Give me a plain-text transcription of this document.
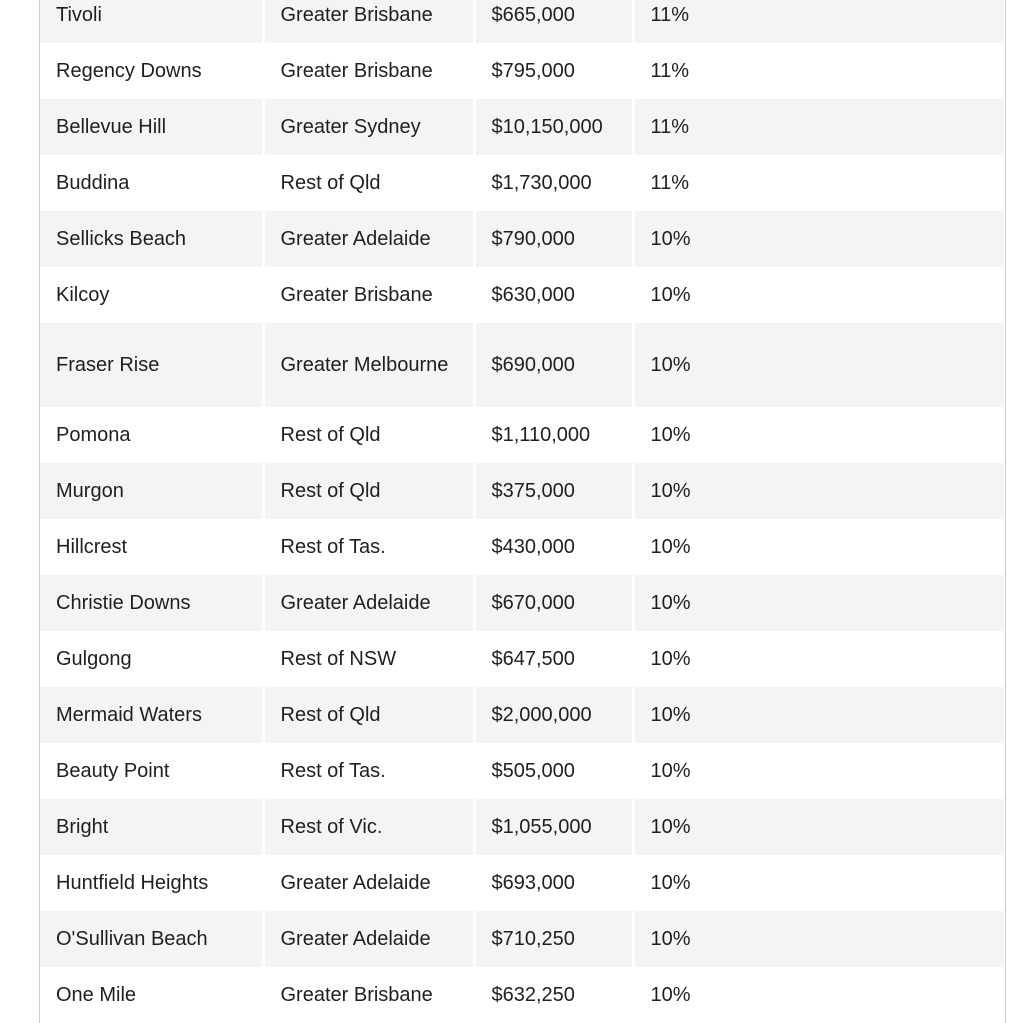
Tivoli	Greater Brisbane	$665,000	11%
Regency Downs	Greater Brisbane	$795,000	11%
Bellevue Hill	Greater Sydney	$10,150,000	11%
Buddina	Rest of Qld	$1,730,000	11%
Sellicks Beach	Greater Adelaide	$790,000	10%
Kilcoy	Greater Brisbane	$630,000	10%
Fraser Rise	Greater Melbourne	$690,000	10%
Pomona	Rest of Qld	$1,110,000	10%
Murgon	Rest of Qld	$375,000	10%
Hillcrest	Rest of Tas.	$430,000	10%
Christie Downs	Greater Adelaide	$670,000	10%
Gulgong	Rest of NSW	$647,500	10%
Mermaid Waters	Rest of Qld	$2,000,000	10%
Beauty Point	Rest of Tas.	$505,000	10%
Bright	Rest of Vic.	$1,055,000	10%
Huntfield Heights	Greater Adelaide	$693,000	10%
O'Sullivan Beach	Greater Adelaide	$710,250	10%
One Mile	Greater Brisbane	$632,250	10%
